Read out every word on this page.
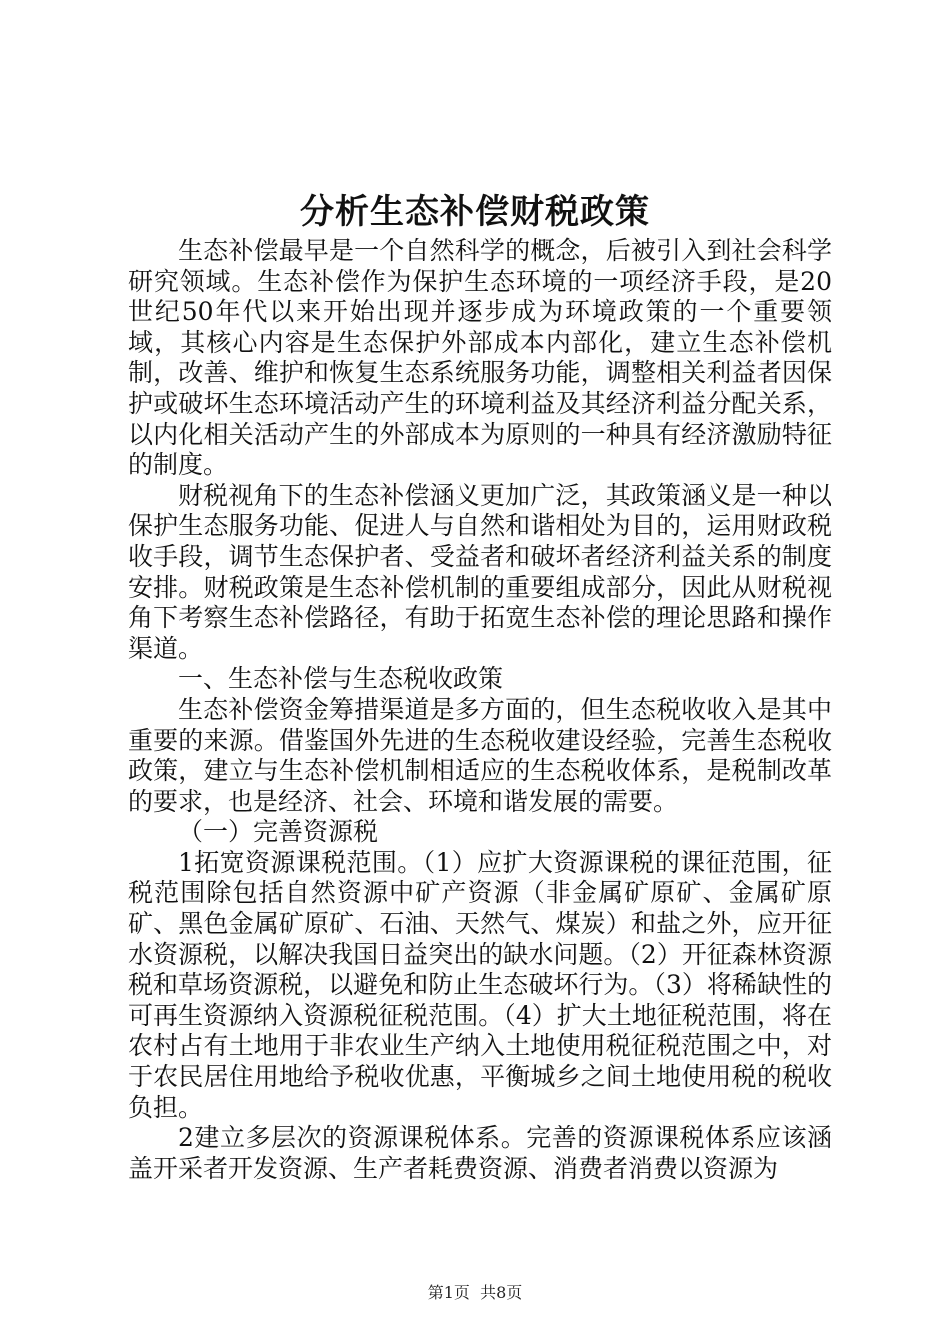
分析生态补偿财税政策

生态补偿最早是一个自然科学的概念，后被引入到社会科学研究领域。生态补偿作为保护生态环境的一项经济手段，是20世纪50年代以来开始出现并逐步成为环境政策的一个重要领域，其核心内容是生态保护外部成本内部化，建立生态补偿机制，改善、维护和恢复生态系统服务功能，调整相关利益者因保护或破坏生态环境活动产生的环境利益及其经济利益分配关系，以内化相关活动产生的外部成本为原则的一种具有经济激励特征的制度。

财税视角下的生态补偿涵义更加广泛，其政策涵义是一种以保护生态服务功能、促进人与自然和谐相处为目的，运用财政税收手段，调节生态保护者、受益者和破坏者经济利益关系的制度安排。财税政策是生态补偿机制的重要组成部分，因此从财税视角下考察生态补偿路径，有助于拓宽生态补偿的理论思路和操作渠道。

一、生态补偿与生态税收政策

生态补偿资金筹措渠道是多方面的，但生态税收收入是其中重要的来源。借鉴国外先进的生态税收建设经验，完善生态税收政策，建立与生态补偿机制相适应的生态税收体系，是税制改革的要求，也是经济、社会、环境和谐发展的需要。

（一）完善资源税

1拓宽资源课税范围。（1）应扩大资源课税的课征范围，征税范围除包括自然资源中矿产资源（非金属矿原矿、金属矿原矿、黑色金属矿原矿、石油、天然气、煤炭）和盐之外，应开征水资源税，以解决我国日益突出的缺水问题。（2）开征森林资源税和草场资源税，以避免和防止生态破坏行为。（3）将稀缺性的可再生资源纳入资源税征税范围。（4）扩大土地征税范围，将在农村占有土地用于非农业生产纳入土地使用税征税范围之中，对于农民居住用地给予税收优惠，平衡城乡之间土地使用税的税收负担。

2建立多层次的资源课税体系。完善的资源课税体系应该涵盖开采者开发资源、生产者耗费资源、消费者消费以资源为

第1页 共8页
